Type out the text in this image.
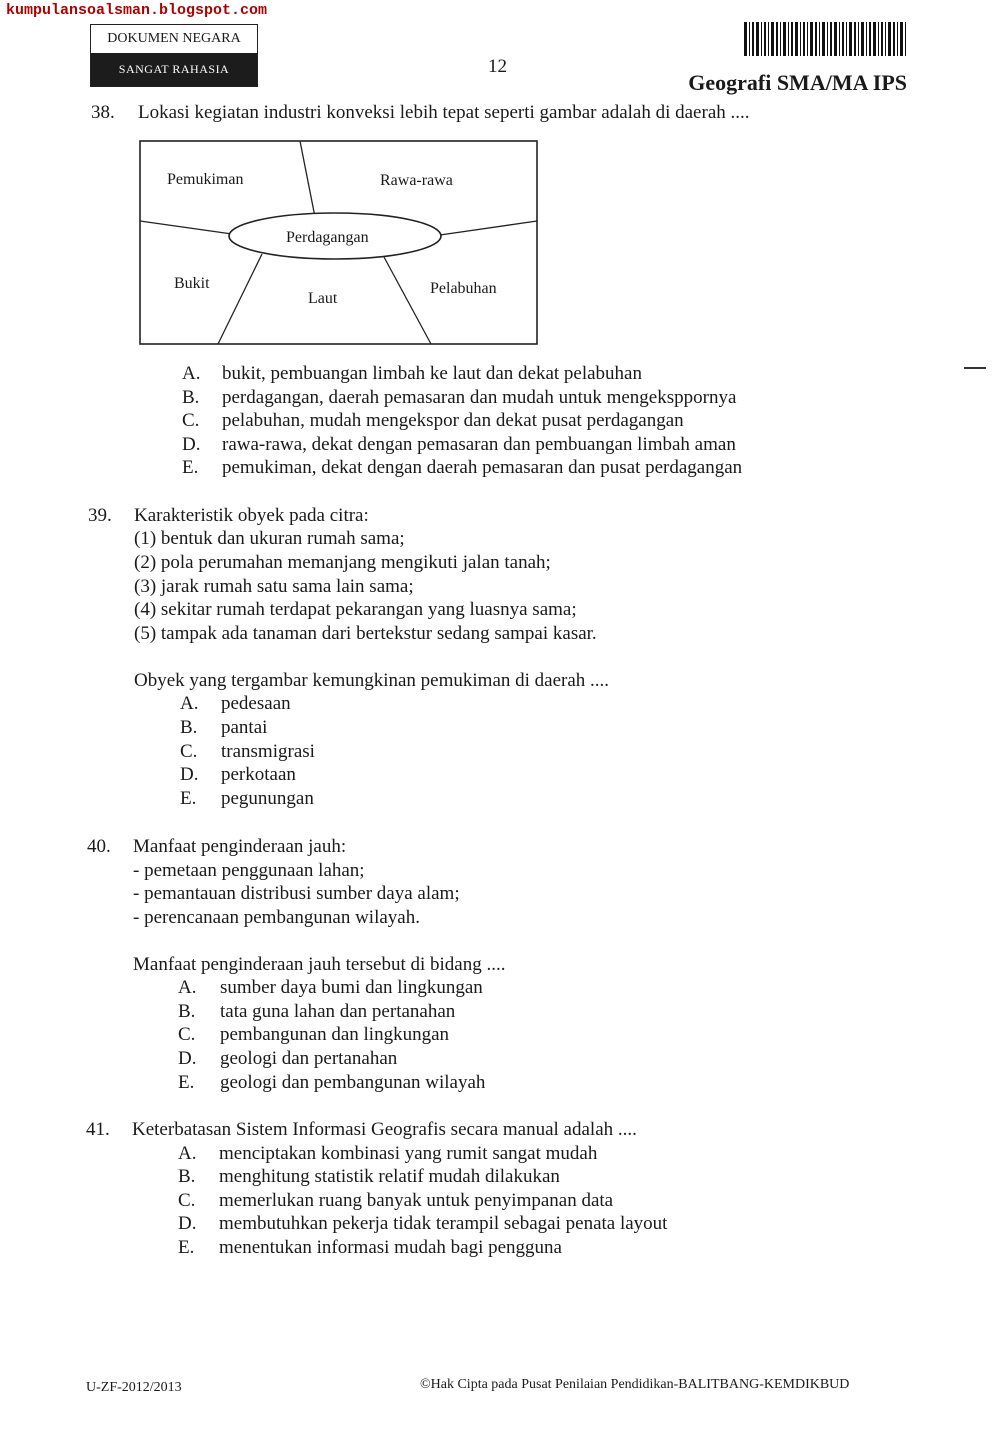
kumpulansoalsman.blogspot.com
DOKUMEN NEGARA
SANGAT RAHASIA	12
Geografi SMA/MA IPS
38. Lokasi kegiatan industri konveksi lebih tepat seperti gambar adalah di daerah ....
Pemukiman	Rawa-rawa
Perdagangan
Bukit
Laut
Pelabuhan
A. bukit, pembuangan limbah ke laut dan dekat pelabuhan
B. perdagangan, daerah pemasaran dan mudah untuk mengeksppornya
C. pelabuhan, mudah mengekspor dan dekat pusat perdagangan
D. rawa-rawa, dekat dengan pemasaran dan pembuangan limbah aman
E. pemukiman, dekat dengan daerah pemasaran dan pusat perdagangan
39. Karakteristik obyek pada citra:
(1) bentuk dan ukuran rumah sama;
(2) pola perumahan memanjang mengikuti jalan tanah;
(3) jarak rumah satu sama lain sama;
(4) sekitar rumah terdapat pekarangan yang luasnya sama;
(5) tampak ada tanaman dari bertekstur sedang sampai kasar.
Obyek yang tergambar kemungkinan pemukiman di daerah ....
A. pedesaan
B. pantai
C. transmigrasi
D. perkotaan
E. pegunungan
40. Manfaat penginderaan jauh:
- pemetaan penggunaan lahan;
- pemantauan distribusi sumber daya alam;
- perencanaan pembangunan wilayah.
Manfaat penginderaan jauh tersebut di bidang ....
A. sumber daya bumi dan lingkungan
B. tata guna lahan dan pertanahan
C. pembangunan dan lingkungan
D. geologi dan pertanahan
E. geologi dan pembangunan wilayah
41. Keterbatasan Sistem Informasi Geografis secara manual adalah ....
A. menciptakan kombinasi yang rumit sangat mudah
B. menghitung statistik relatif mudah dilakukan
C. memerlukan ruang banyak untuk penyimpanan data
D. membutuhkan pekerja tidak terampil sebagai penata layout
E. menentukan informasi mudah bagi pengguna
U-ZF-2012/2013	©Hak Cipta pada Pusat Penilaian Pendidikan-BALITBANG-KEMDIKBUD
